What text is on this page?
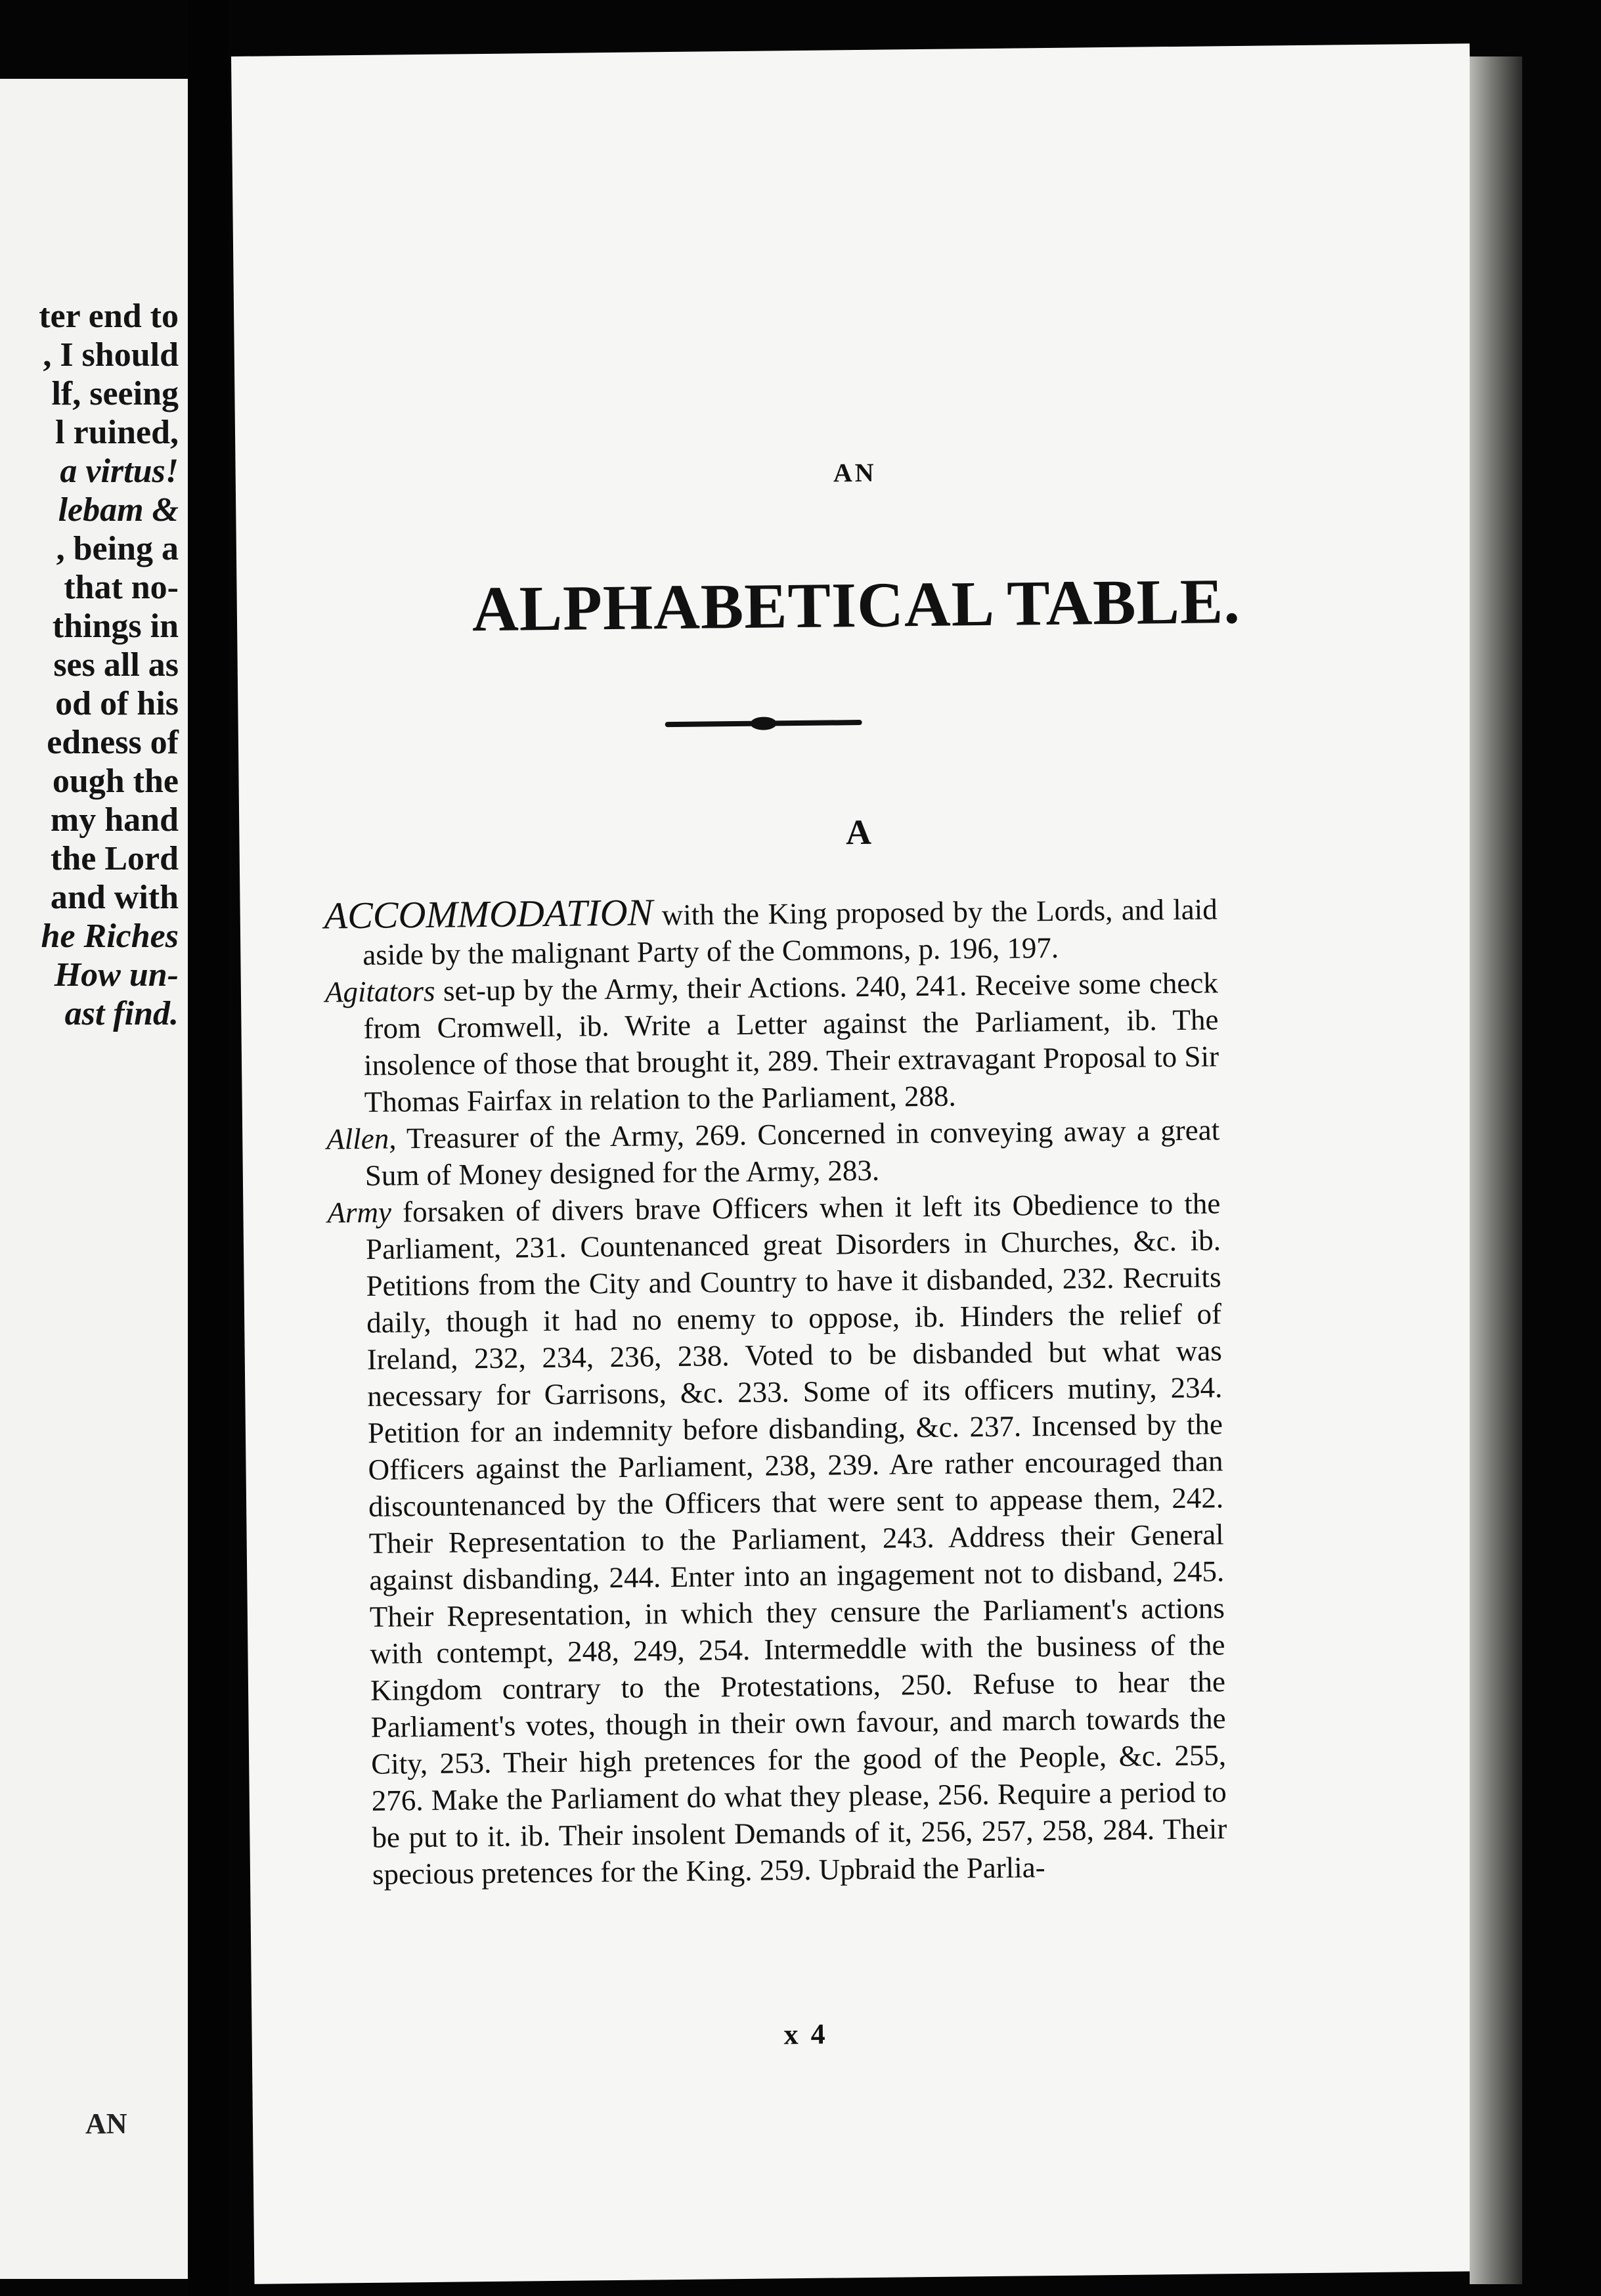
ter end to
, I should
lf, seeing
l ruined,
a virtus!
lebam &
, being a
that no-
things in
ses all as
od of his
edness of
ough the
my hand
the Lord
and with
he Riches
How un-
ast find.
AN
AN
ALPHABETICAL TABLE.
A

ACCOMMODATION with the King proposed by the Lords, and laid aside by the malignant Party of the Commons, p. 196, 197.

Agitators set-up by the Army, their Actions. 240, 241. Receive some check from Cromwell, ib. Write a Letter against the Parliament, ib. The insolence of those that brought it, 289. Their extravagant Proposal to Sir Thomas Fairfax in relation to the Parliament, 288.

Allen, Treasurer of the Army, 269. Concerned in conveying away a great Sum of Money designed for the Army, 283.

Army forsaken of divers brave Officers when it left its Obedience to the Parliament, 231. Countenanced great Disorders in Churches, &c. ib. Petitions from the City and Country to have it disbanded, 232. Recruits daily, though it had no enemy to oppose, ib. Hinders the relief of Ireland, 232, 234, 236, 238. Voted to be disbanded but what was necessary for Garrisons, &c. 233. Some of its officers mutiny, 234. Petition for an indemnity before disbanding, &c. 237. Incensed by the Officers against the Parliament, 238, 239. Are rather encouraged than discountenanced by the Officers that were sent to appease them, 242. Their Representation to the Parliament, 243. Address their General against disbanding, 244. Enter into an ingagement not to disband, 245. Their Representation, in which they censure the Parliament's actions with contempt, 248, 249, 254. Intermeddle with the business of the Kingdom contrary to the Protestations, 250. Refuse to hear the Parliament's votes, though in their own favour, and march towards the City, 253. Their high pretences for the good of the People, &c. 255, 276. Make the Parliament do what they please, 256. Require a period to be put to it. ib. Their insolent Demands of it, 256, 257, 258, 284. Their specious pretences for the King. 259. Upbraid the Parlia-

x 4
